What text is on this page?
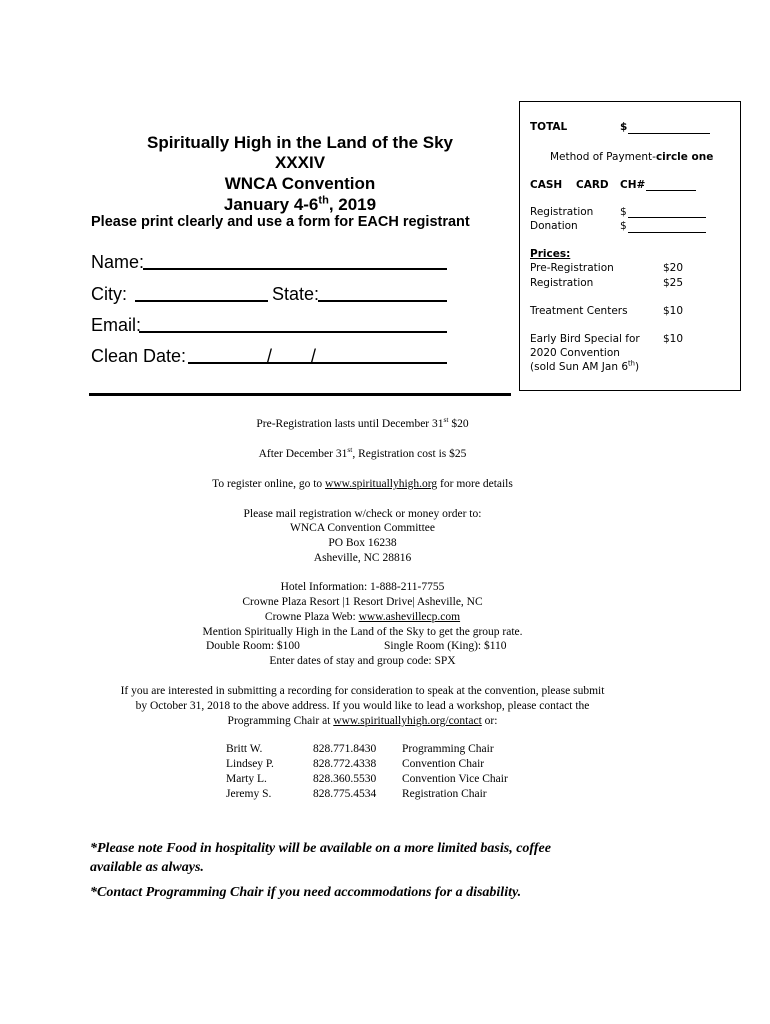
Spiritually High in the Land of the Sky
XXXIV
WNCA Convention
January 4-6th, 2019
Please print clearly and use a form for EACH registrant
Name:
City:	State:
Email:
Clean Date:	/ /
TOTAL	$
Method of Payment-circle one
CASH CARD CH#
Registration	$
Donation	$
Prices:
Pre-Registration	$20
Registration	$25
Treatment Centers	$10
Early Bird Special for $10
2020 Convention
(sold Sun AM Jan 6th)
Pre-Registration lasts until December 31st $20
After December 31st, Registration cost is $25
To register online, go to www.spirituallyhigh.org for more details
Please mail registration w/check or money order to:
WNCA Convention Committee
PO Box 16238
Asheville, NC 28816
Hotel Information: 1-888-211-7755
Crowne Plaza Resort |1 Resort Drive| Asheville, NC
Crowne Plaza Web: www.ashevillecp.com
Mention Spiritually High in the Land of the Sky to get the group rate.
Double Room: $100	Single Room (King): $110
Enter dates of stay and group code: SPX
If you are interested in submitting a recording for consideration to speak at the convention, please submit
by October 31, 2018 to the above address. If you would like to lead a workshop, please contact the
Programming Chair at www.spirituallyhigh.org/contact or:
Britt W.	828.771.8430 Programming Chair
Lindsey P.	828.772.4338 Convention Chair
Marty L.	828.360.5530 Convention Vice Chair
Jeremy S.	828.775.4534 Registration Chair
*Please note Food in hospitality will be available on a more limited basis, coffee
available as always.
*Contact Programming Chair if you need accommodations for a disability.
